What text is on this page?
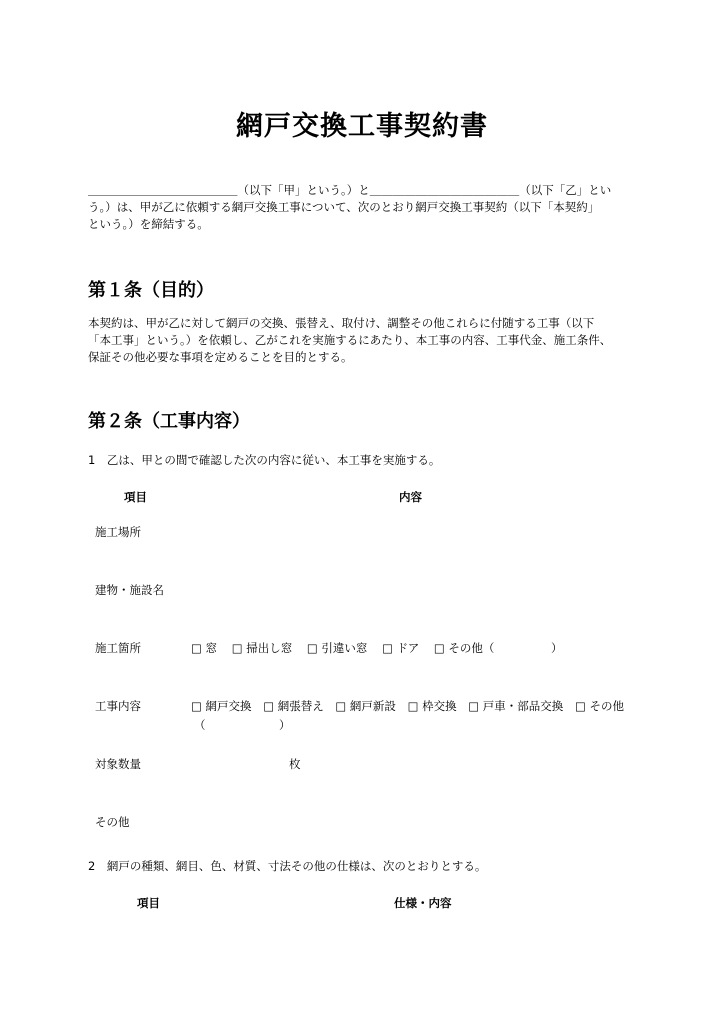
網戸交換工事契約書
＿＿＿＿＿＿＿＿＿＿＿＿＿（以下「甲」という。）と＿＿＿＿＿＿＿＿＿＿＿＿＿（以下「乙」とい
う。）は、甲が乙に依頼する網戸交換工事について、次のとおり網戸交換工事契約（以下「本契約」
という。）を締結する。
第１条（目的）
本契約は、甲が乙に対して網戸の交換、張替え、取付け、調整その他これらに付随する工事（以下
「本工事」という。）を依頼し、乙がこれを実施するにあたり、本工事の内容、工事代金、施工条件、
保証その他必要な事項を定めることを目的とする。
第２条（工事内容）
1　乙は、甲との間で確認した次の内容に従い、本工事を実施する。
項目	内容
施工場所
建物・施設名
施工箇所	□ 窓 □ 掃出し窓 □ 引違い窓 □ ドア □ その他（	）
工事内容	□ 網戸交換 □ 網張替え □ 網戸新設 □ 枠交換 □ 戸車・部品交換 □ その他
（	）
対象数量	枚
その他
2　網戸の種類、網目、色、材質、寸法その他の仕様は、次のとおりとする。
項目	仕様・内容
